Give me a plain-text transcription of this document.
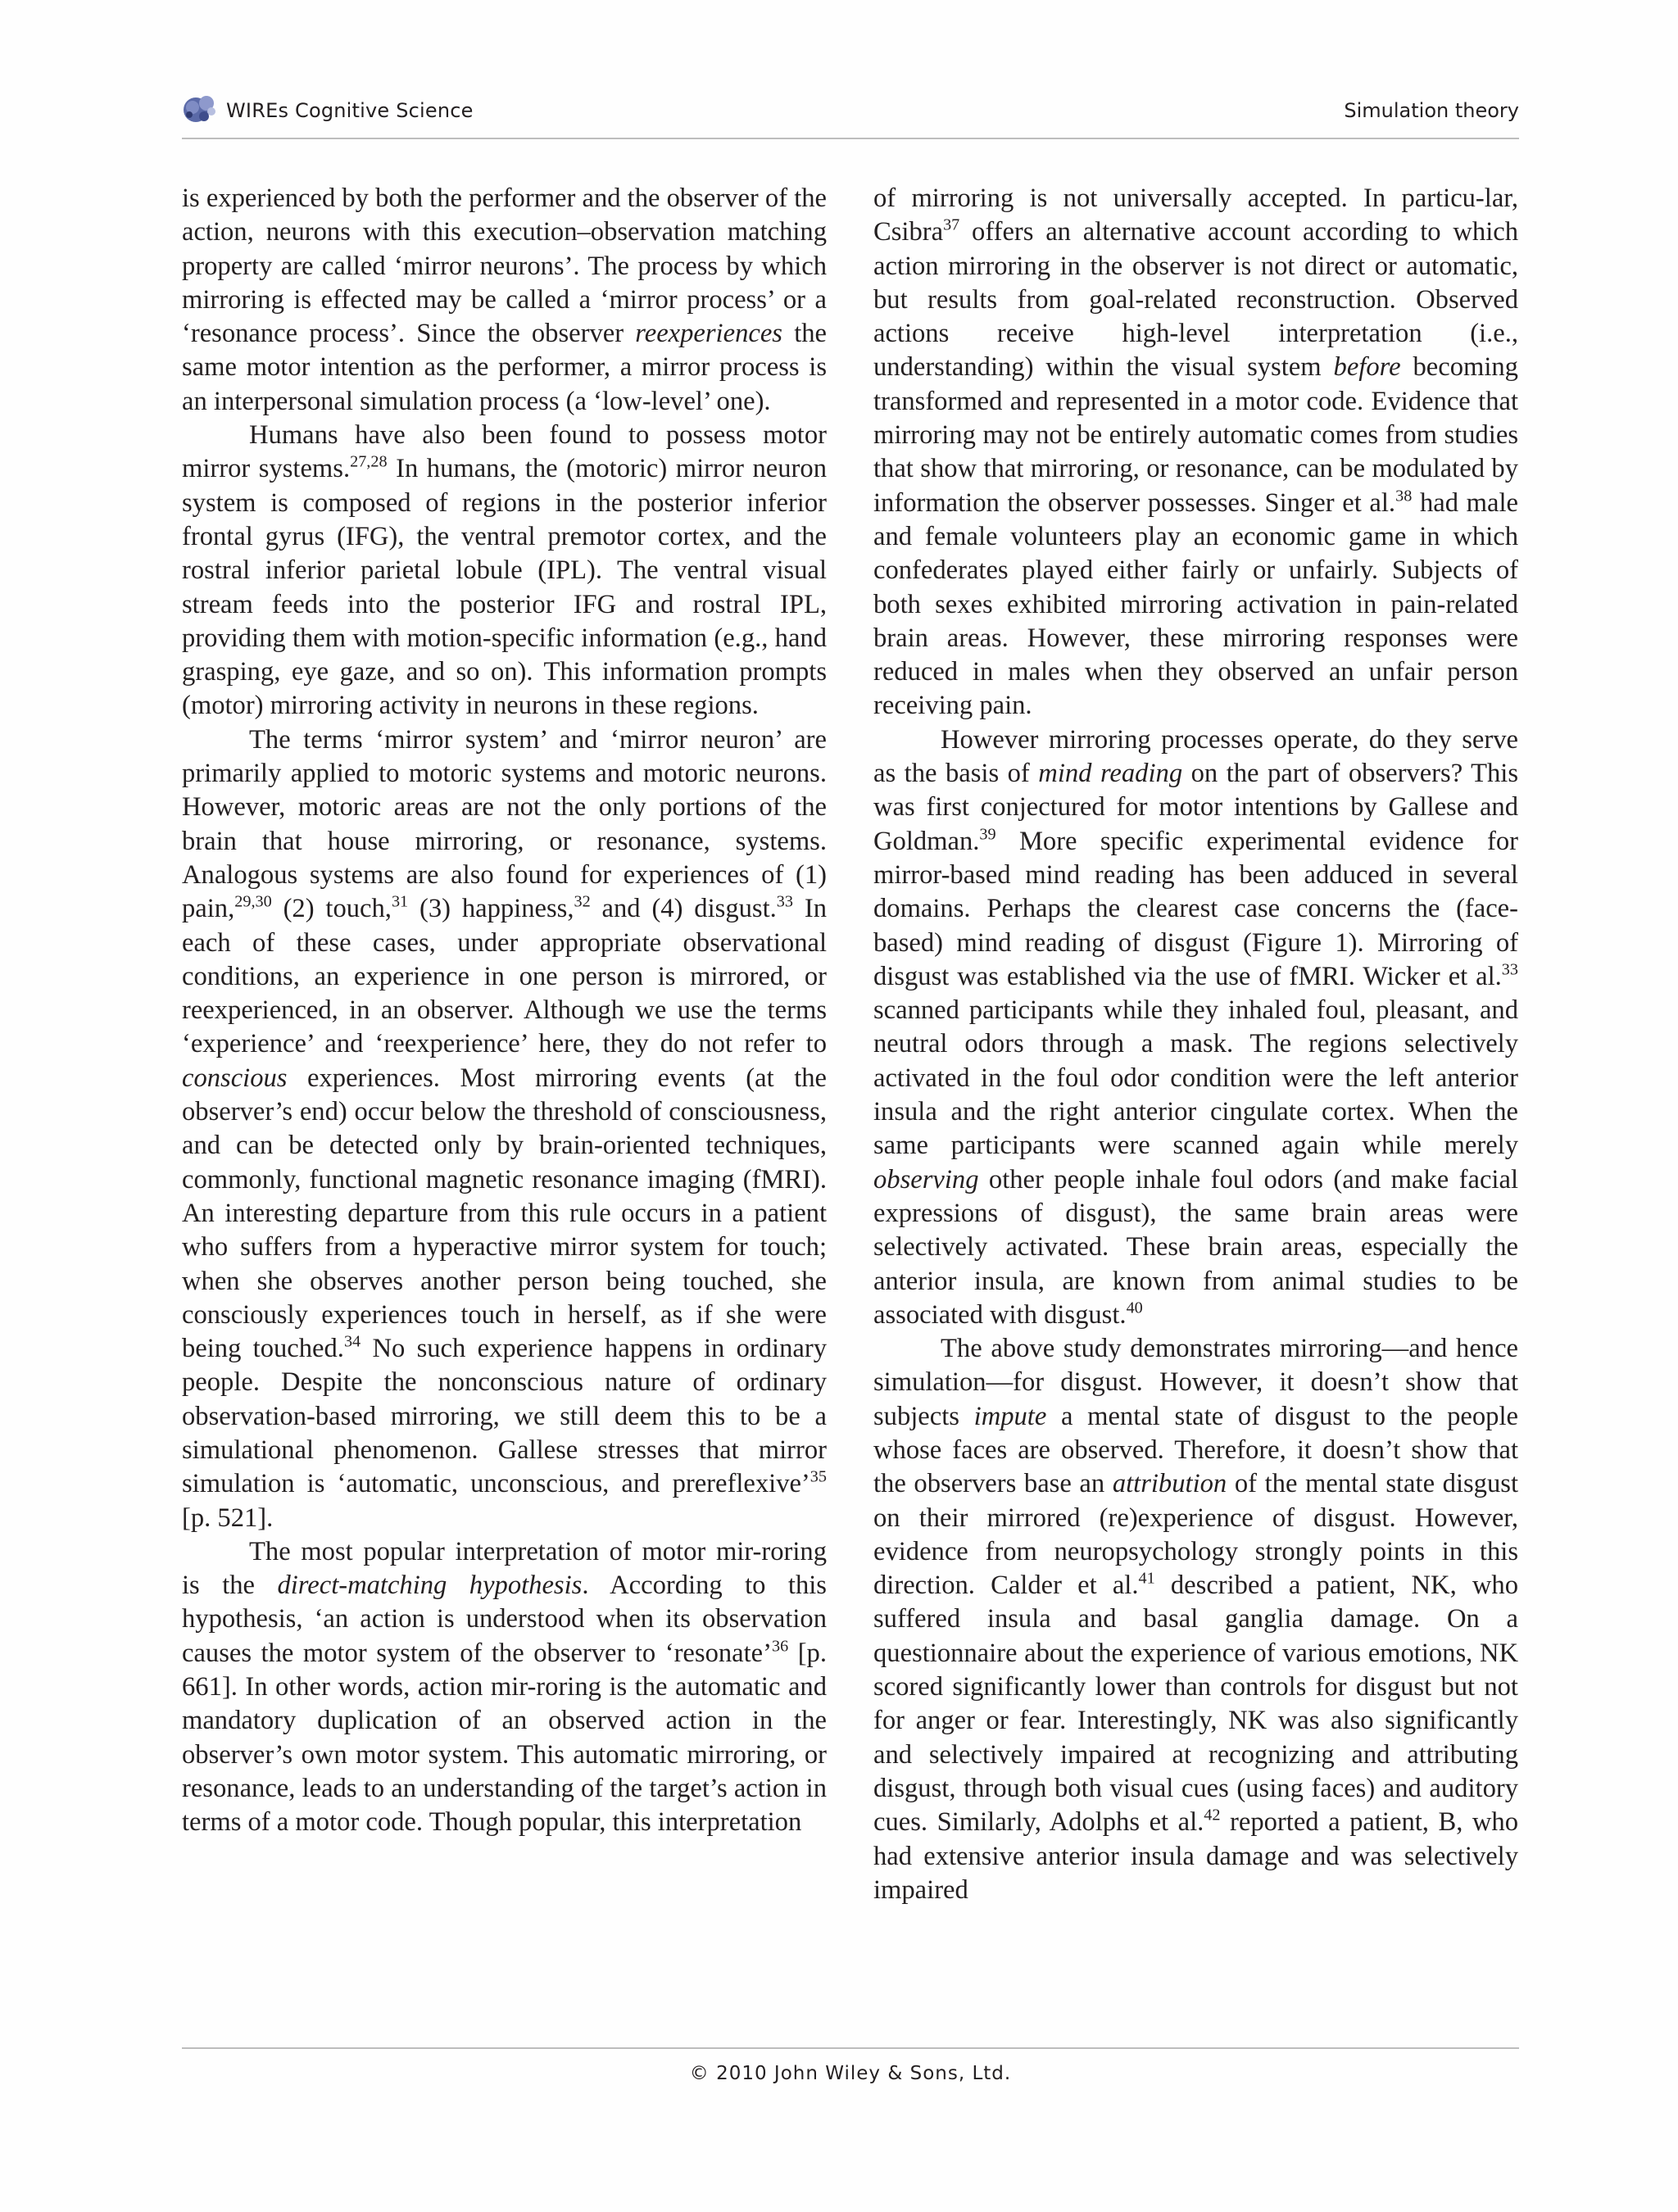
WIREs Cognitive Science	Simulation theory

is experienced by both the performer and the observer of the action, neurons with this execution–observation matching property are called ‘mirror neurons’. The process by which mirroring is effected may be called a ‘mirror process’ or a ‘resonance process’. Since the observer reexperiences the same motor intention as the performer, a mirror process is an interpersonal simulation process (a ‘low-level’ one).

Humans have also been found to possess motor mirror systems.$^{27,28}$ In humans, the (motoric) mirror neuron system is composed of regions in the posterior inferior frontal gyrus (IFG), the ventral premotor cortex, and the rostral inferior parietal lobule (IPL). The ventral visual stream feeds into the posterior IFG and rostral IPL, providing them with motion-specific information (e.g., hand grasping, eye gaze, and so on). This information prompts (motor) mirroring activity in neurons in these regions.

The terms ‘mirror system’ and ‘mirror neuron’ are primarily applied to motoric systems and motoric neurons. However, motoric areas are not the only portions of the brain that house mirroring, or resonance, systems. Analogous systems are also found for experiences of (1) pain,$^{29,30}$ (2) touch,$^{31}$ (3) happiness,$^{32}$ and (4) disgust.$^{33}$ In each of these cases, under appropriate observational conditions, an experience in one person is mirrored, or reexperienced, in an observer. Although we use the terms ‘experience’ and ‘reexperience’ here, they do not refer to conscious experiences. Most mirroring events (at the observer’s end) occur below the threshold of consciousness, and can be detected only by brain-oriented techniques, commonly, functional magnetic resonance imaging (fMRI). An interesting departure from this rule occurs in a patient who suffers from a hyperactive mirror system for touch; when she observes another person being touched, she consciously experiences touch in herself, as if she were being touched.$^{34}$ No such experience happens in ordinary people. Despite the nonconscious nature of ordinary observation-based mirroring, we still deem this to be a simulational phenomenon. Gallese stresses that mirror simulation is ‘automatic, unconscious, and prereflexive’$^{35}$ [p. 521].

The most popular interpretation of motor mir-roring is the direct-matching hypothesis. According to this hypothesis, ‘an action is understood when its observation causes the motor system of the observer to ‘resonate’$^{36}$ [p. 661]. In other words, action mir-roring is the automatic and mandatory duplication of an observed action in the observer’s own motor system. This automatic mirroring, or resonance, leads to an understanding of the target’s action in terms of a motor code. Though popular, this interpretation

of mirroring is not universally accepted. In particu-lar, Csibra$^{37}$ offers an alternative account according to which action mirroring in the observer is not direct or automatic, but results from goal-related reconstruction. Observed actions receive high-level interpretation (i.e., understanding) within the visual system before becoming transformed and represented in a motor code. Evidence that mirroring may not be entirely automatic comes from studies that show that mirroring, or resonance, can be modulated by information the observer possesses. Singer et al.$^{38}$ had male and female volunteers play an economic game in which confederates played either fairly or unfairly. Subjects of both sexes exhibited mirroring activation in pain-related brain areas. However, these mirroring responses were reduced in males when they observed an unfair person receiving pain.

However mirroring processes operate, do they serve as the basis of mind reading on the part of observers? This was first conjectured for motor intentions by Gallese and Goldman.$^{39}$ More specific experimental evidence for mirror-based mind reading has been adduced in several domains. Perhaps the clearest case concerns the (face-based) mind reading of disgust (Figure 1). Mirroring of disgust was established via the use of fMRI. Wicker et al.$^{33}$ scanned participants while they inhaled foul, pleasant, and neutral odors through a mask. The regions selectively activated in the foul odor condition were the left anterior insula and the right anterior cingulate cortex. When the same participants were scanned again while merely observing other people inhale foul odors (and make facial expressions of disgust), the same brain areas were selectively activated. These brain areas, especially the anterior insula, are known from animal studies to be associated with disgust.$^{40}$

The above study demonstrates mirroring—and hence simulation—for disgust. However, it doesn’t show that subjects impute a mental state of disgust to the people whose faces are observed. Therefore, it doesn’t show that the observers base an attribution of the mental state disgust on their mirrored (re)experience of disgust. However, evidence from neuropsychology strongly points in this direction. Calder et al.$^{41}$ described a patient, NK, who suffered insula and basal ganglia damage. On a questionnaire about the experience of various emotions, NK scored significantly lower than controls for disgust but not for anger or fear. Interestingly, NK was also significantly and selectively impaired at recognizing and attributing disgust, through both visual cues (using faces) and auditory cues. Similarly, Adolphs et al.$^{42}$ reported a patient, B, who had extensive anterior insula damage and was selectively impaired

© 2010 John Wiley & Sons, Ltd.
